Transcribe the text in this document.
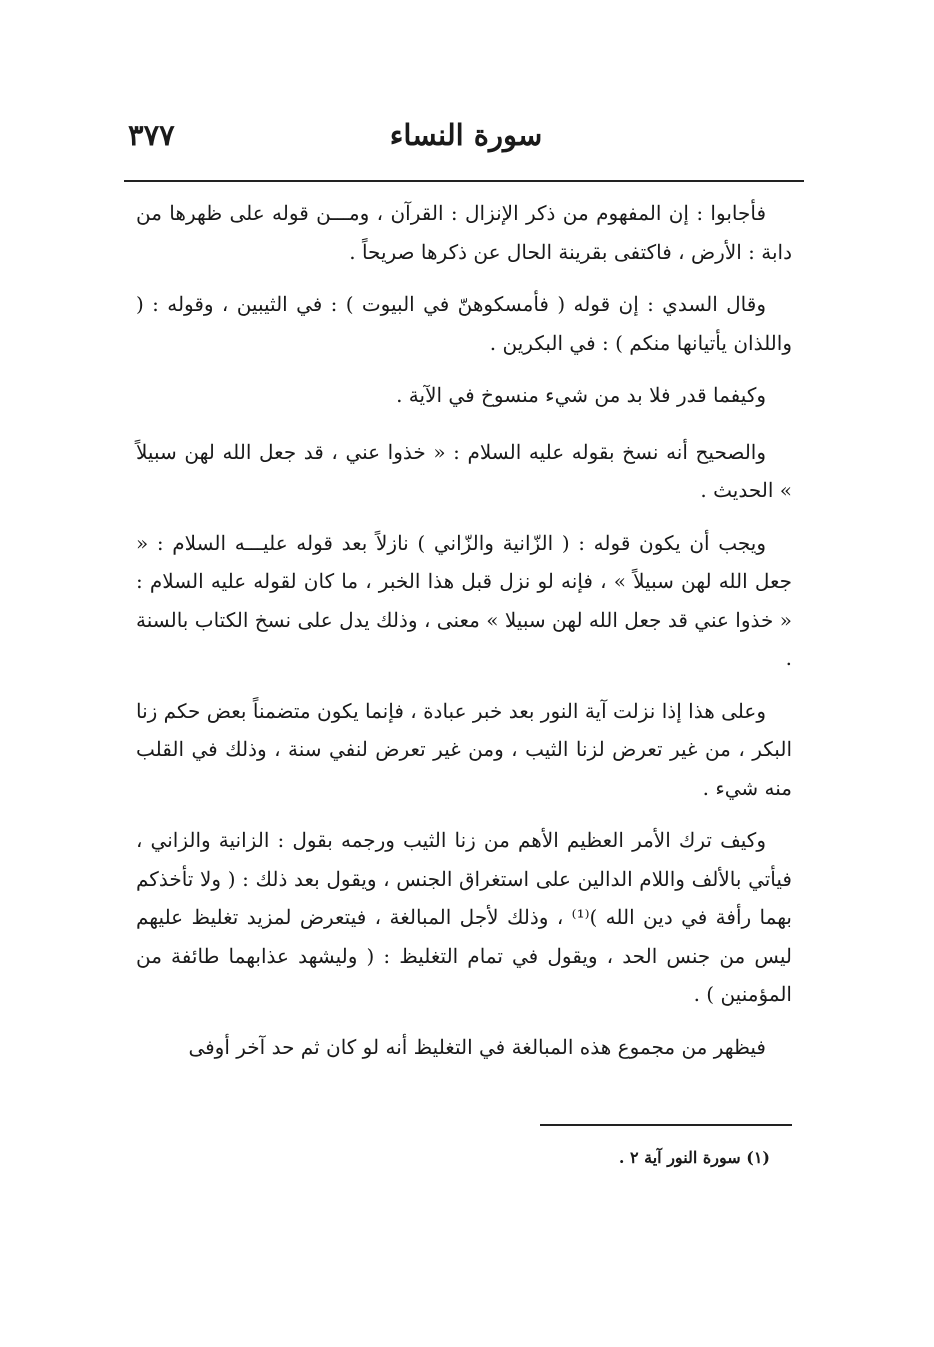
سورة النساء
٣٧٧

فأجابوا : إن المفهوم من ذكر الإنزال : القرآن ، ومـــن قوله على ظهرها من دابة : الأرض ، فاكتفى بقرينة الحال عن ذكرها صريحاً .

وقال السدي : إن قوله ( فأمسكوهنّ في البيوت ) : في الثيبين ، وقوله : ( واللذان يأتيانها منكم ) : في البكرين .

وكيفما قدر فلا بد من شيء منسوخ في الآية .

والصحيح أنه نسخ بقوله عليه السلام : « خذوا عني ، قد جعل الله لهن سبيلاً » الحديث .

ويجب أن يكون قوله : ( الزّانية والزّاني ) نازلاً بعد قوله عليـــه السلام : « جعل الله لهن سبيلاً » ، فإنه لو نزل قبل هذا الخبر ، ما كان لقوله عليه السلام : « خذوا عني قد جعل الله لهن سبيلا » معنى ، وذلك يدل على نسخ الكتاب بالسنة .

وعلى هذا إذا نزلت آية النور بعد خبر عبادة ، فإنما يكون متضمناً بعض حكم زنا البكر ، من غير تعرض لزنا الثيب ، ومن غير تعرض لنفي سنة ، وذلك في القلب منه شيء .

وكيف ترك الأمر العظيم الأهم من زنا الثيب ورجمه بقول : الزانية والزاني ، فيأتي بالألف واللام الدالين على استغراق الجنس ، ويقول بعد ذلك : ( ولا تأخذكم بهما رأفة في دين الله )⁽¹⁾ ، وذلك لأجل المبالغة ، فيتعرض لمزيد تغليظ عليهم ليس من جنس الحد ، ويقول في تمام التغليظ : ( وليشهد عذابهما طائفة من المؤمنين ) .

فيظهر من مجموع هذه المبالغة في التغليظ أنه لو كان ثم حد آخر أوفى

(١) سورة النور آية ٢ .
